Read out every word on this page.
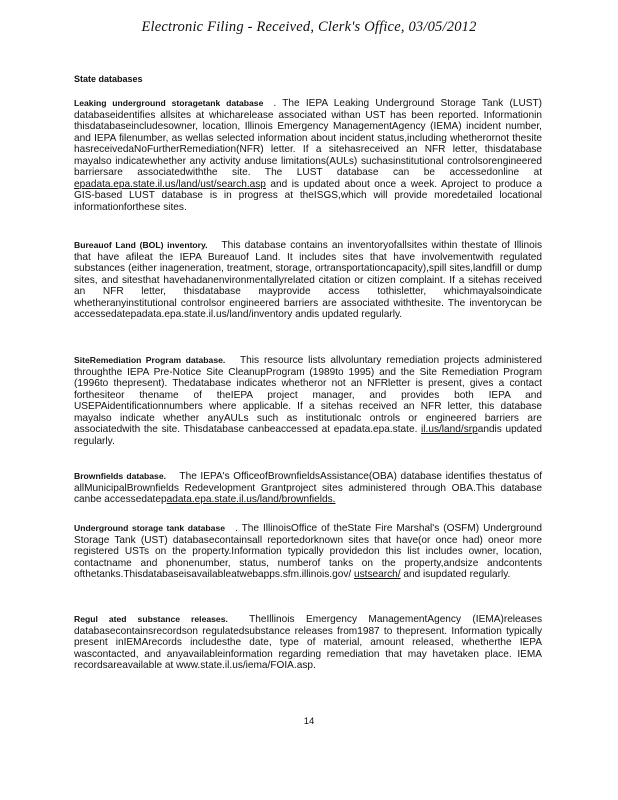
Electronic Filing - Received, Clerk's Office, 03/05/2012
State databases

Leaking underground storagetank database . The IEPA Leaking Underground Storage Tank (LUST) databaseidentifies allsites at whicharelease associated withan UST has been reported. Informationin thisdatabaseincludesowner, location, Illinois Emergency ManagementAgency (IEMA) incident number, and IEPA filenumber, as wellas selected information about incident status,including whetherornot thesite hasreceivedaNoFurtherRemediation(NFR) letter. If a sitehasreceived an NFR letter, thisdatabase mayalso indicatewhether any activity anduse limitations(AULs) suchasinstitutional controlsorengineered barriersare associatedwiththe site. The LUST database can be accessedonline at epadata.epa.state.il.us/land/ust/search.asp and is updated about once a week. Aproject to produce a GIS-based LUST database is in progress at theISGS,which will provide moredetailed locational informationforthese sites.

Bureauof Land (BOL) inventory. This database contains an inventoryofallsites within thestate of Illinois that have afileat the IEPA Bureauof Land. It includes sites that have involvementwith regulated substances (either inageneration, treatment, storage, ortransportationcapacity),spill sites,landfill or dump sites, and sitesthat havehadanenvironmentallyrelated citation or citizen complaint. If a sitehas received an NFR letter, thisdatabase mayprovide access tothisletter, whichmayalsoindicate whetheranyinstitutional controlsor engineered barriers are associated withthesite. The inventorycan be accessedatepadata.epa.state.il.us/land/inventory andis updated regularly.

SiteRemediation Program database. This resource lists allvoluntary remediation projects administered throughthe IEPA Pre-Notice Site CleanupProgram (1989to 1995) and the Site Remediation Program (1996to thepresent). Thedatabase indicates whetheror not an NFRletter is present, gives a contact forthesiteor thename of theIEPA project manager, and provides both IEPA and USEPAidentificationnumbers where applicable. If a sitehas received an NFR letter, this database mayalso indicate whether anyAULs such as institutionalc ontrols or engineered barriers are associatedwith the site. Thisdatabase canbeaccessed at epadata.epa.state. il.us/land/srpandis updated regularly.

Brownfields database. The IEPA's OfficeofBrownfieldsAssistance(OBA) database identifies thestatus of allMunicipalBrownfields Redevelopment Grantproject sites administered through OBA.This database canbe accessedatepadata.epa.state.il.us/land/brownfields.

Underground storage tank database . The IllinoisOffice of theState Fire Marshal's (OSFM) Underground Storage Tank (UST) databasecontainsall reportedorknown sites that have(or once had) oneor more registered USTs on the property.Information typically providedon this list includes owner, location, contactname and phonenumber, status, numberof tanks on the property,andsize andcontents ofthetanks.Thisdatabaseisavailableatwebapps.sfm.illinois.gov/ ustsearch/ and isupdated regularly.

Regul ated substance releases. TheIllinois Emergency ManagementAgency (IEMA)releases databasecontainsrecordson regulatedsubstance releases from1987 to thepresent. Information typically present inIEMArecords includesthe date, type of material, amount released, whetherthe IEPA wascontacted, and anyavailableinformation regarding remediation that may havetaken place. IEMA recordsareavailable at www.state.il.us/iema/FOIA.asp.

14
